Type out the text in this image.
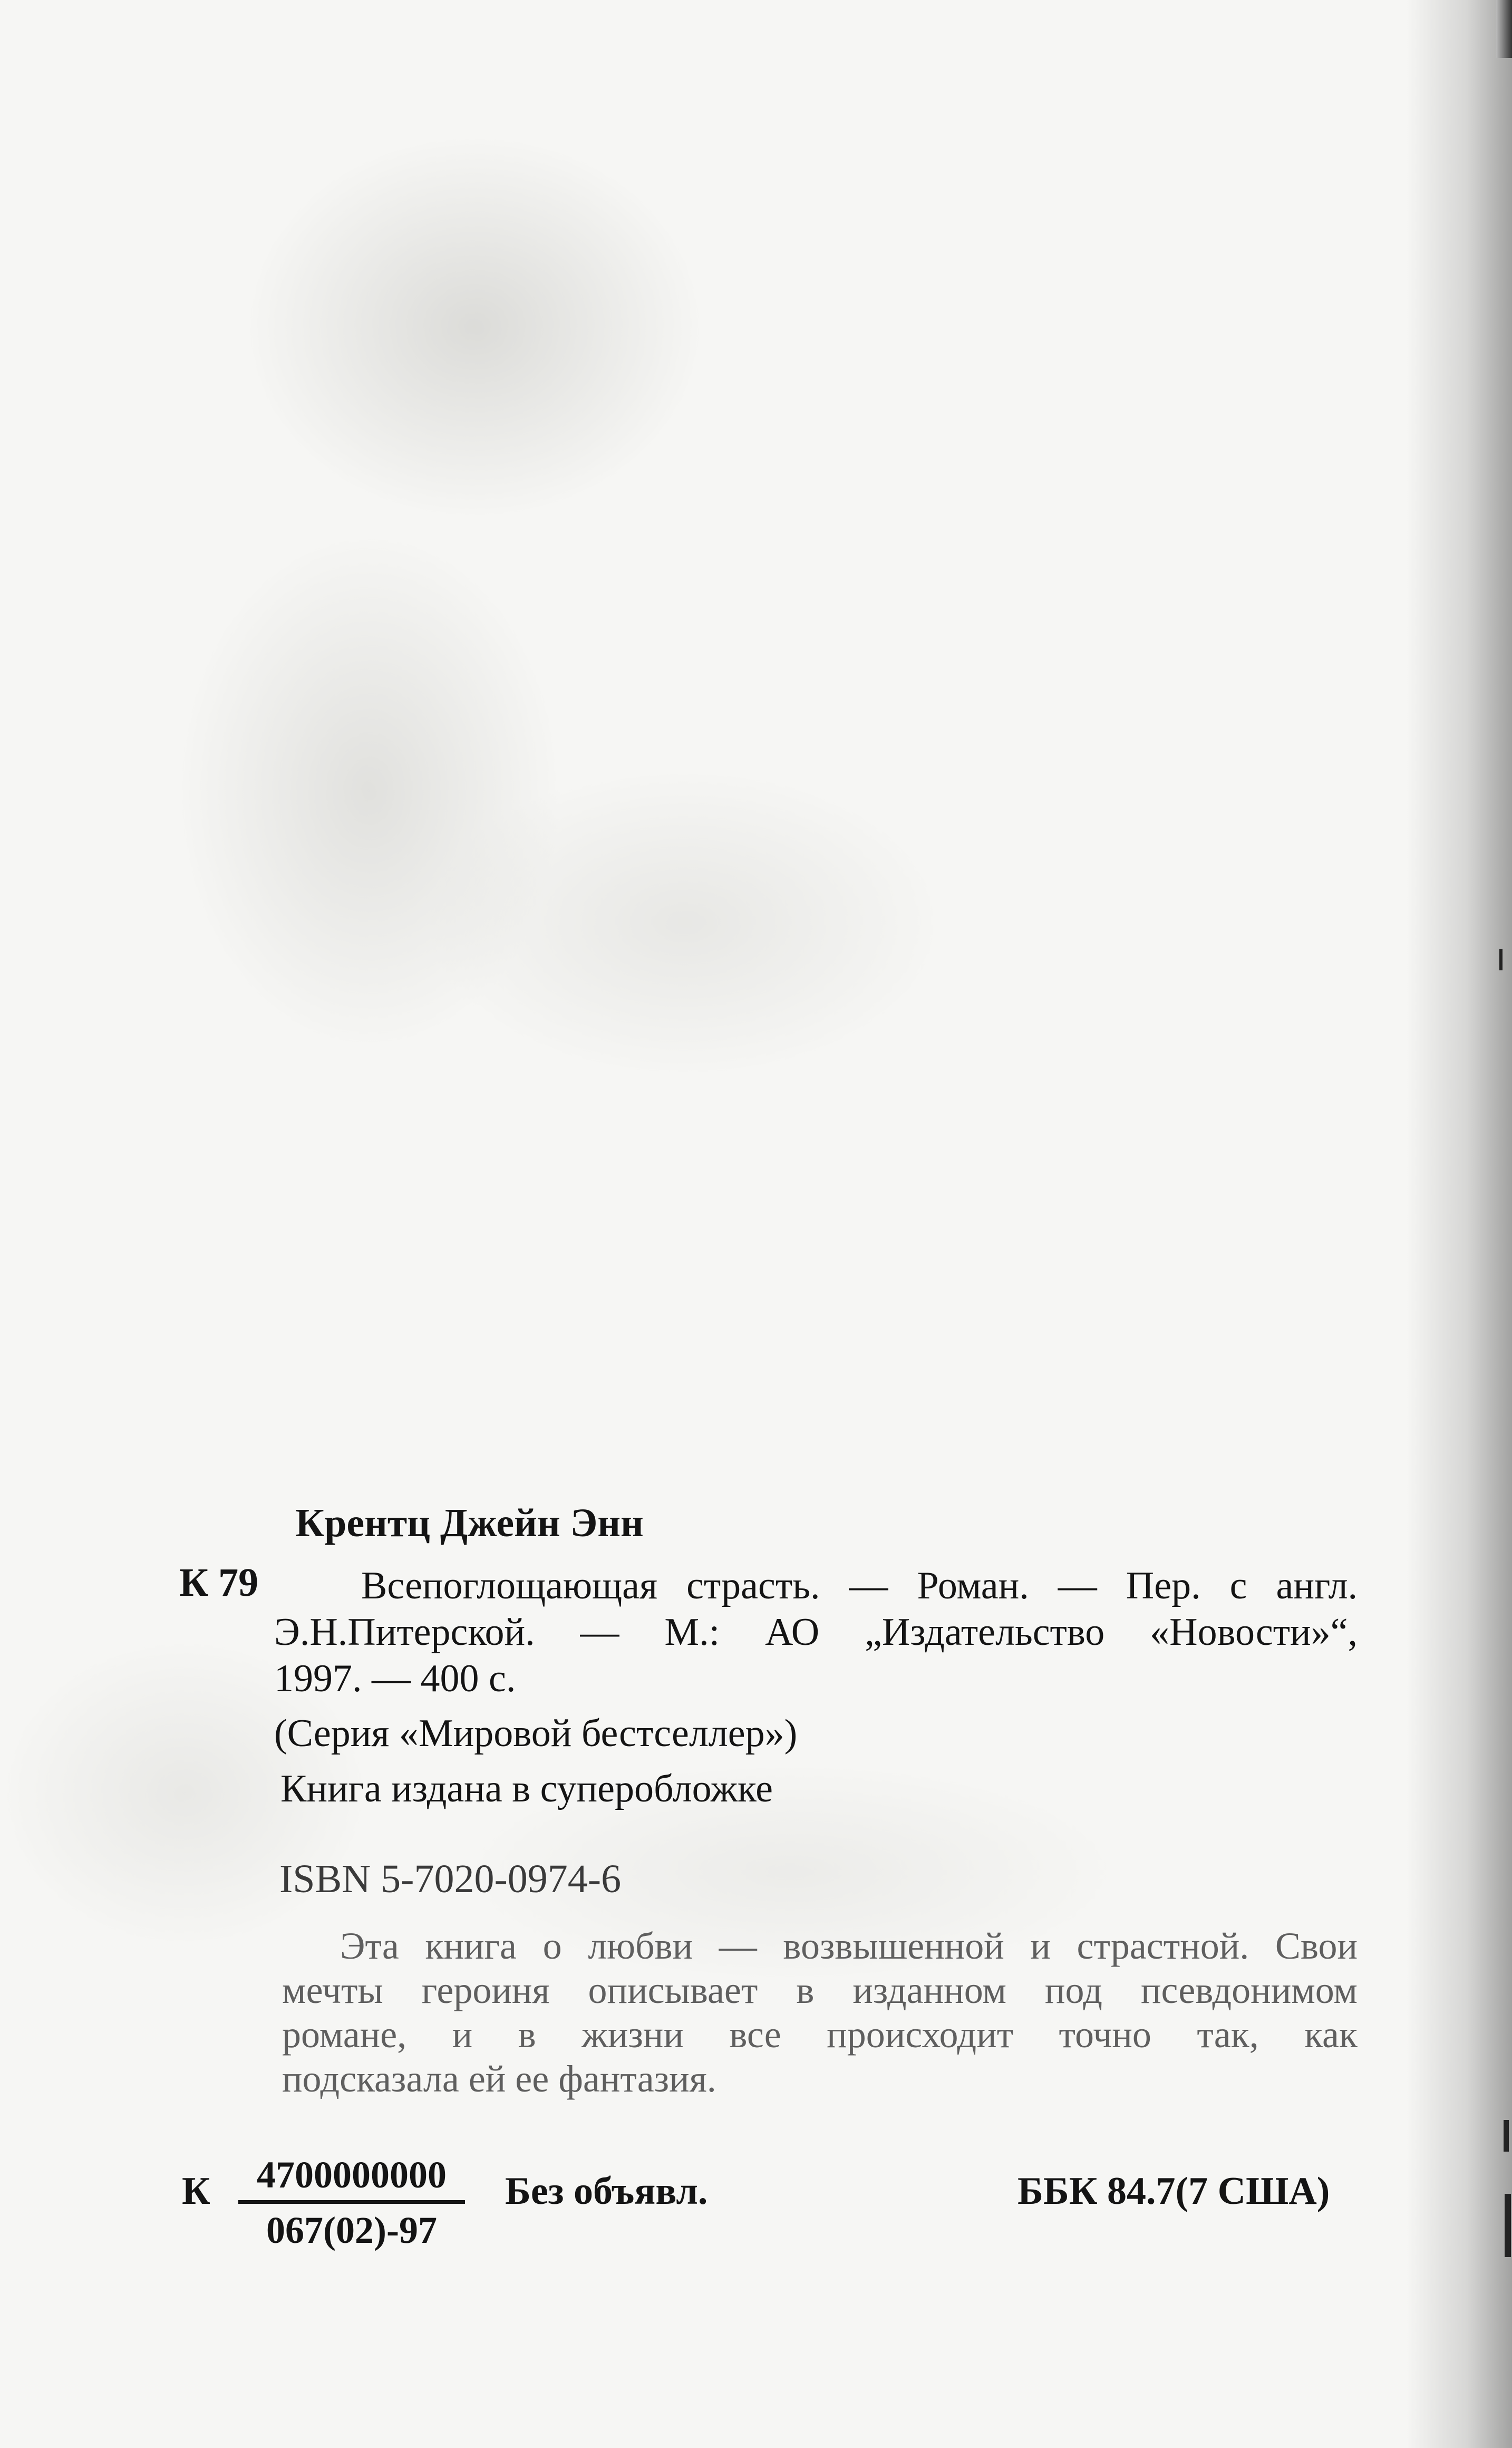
Крентц Джейн Энн
К 79	Всепоглощающая страсть. — Роман. — Пер. с англ.
Э.Н.Питерской. — М.: АО „Издательство «Новости»“,
1997. — 400 с.
(Серия «Мировой бестселлер»)
Книга издана в суперобложке
ISBN 5-7020-0974-6
Эта книга о любви — возвышенной и страстной. Свои
мечты героиня описывает в изданном под псевдонимом
романе, и в жизни все происходит точно так, как
подсказала ей ее фантазия.
К	4700000000
067(02)-97
Без объявл.	ББК 84.7(7 США)
